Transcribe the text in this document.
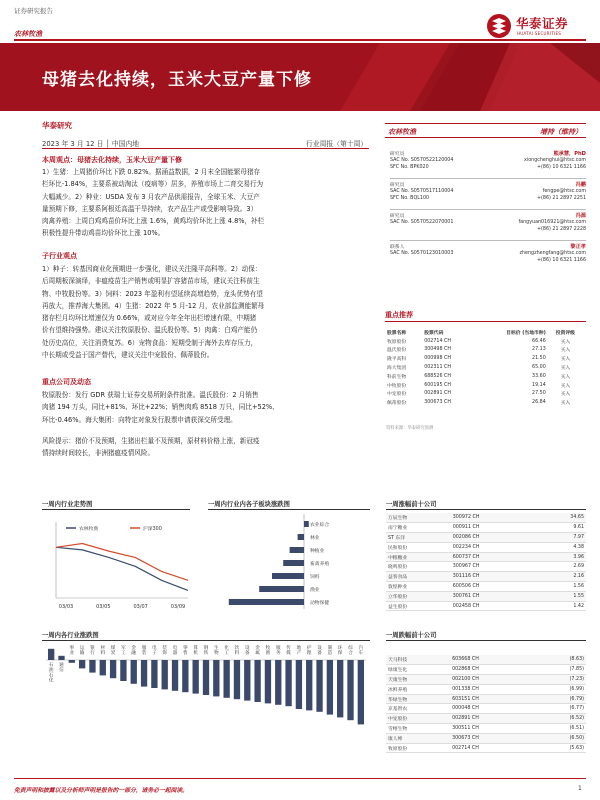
证券研究报告
华泰证券
HUATAI SECURITIES
农林牧渔
母猪去化持续，玉米大豆产量下修
华泰研究
2023 年 3 月 12 日 │ 中国内地	行业周报（第十周）
本周观点：母猪去化持续，玉米大豆产量下修
1）生猪：上周猪价环比下跌 0.82%。据涌益数据，2 月末全国能繁母猪存
栏环比-1.84%，主要系被动淘汰（疫病等）居多，养殖市场上二育交易行为
大幅减少。2）种业：USDA 发布 3 月农产品供需报告，全球玉米、大豆产
量预期下修，主要系阿根廷高温干旱持续，农产品生产或受影响导致。3）
肉禽养殖：上周白鸡鸡苗价环比上涨 1.6%，黄鸡均价环比上涨 4.8%，补栏
积极性提升带动鸡苗均价环比上涨 10%。
子行业观点
1）种子：转基因商业化预期进一步强化，建议关注隆平高科等。2）动保：
后周期板深演绎，非瘟疫苗生产销售或明显扩容猪苗市场，建议关注科前生
物、中牧股份等。3）饲料：2023 年盈利有望延续高增趋势，龙头优势有望
再放大，推荐海大集团。4）生猪：2022 年 5 月-12 月，农业部监测能繁母
猪存栏月均环比增速仅为 0.66%，或对应今年全年出栏增速有限，中期猪
价有望维持强势。建议关注牧原股份、温氏股份等。5）肉禽：白鸡产能仍
处历史高位，关注消费复苏。6）宠物食品：短期受制于海外去库存压力，
中长期或受益于国产替代，建议关注中宠股份、佩蒂股份。
重点公司及动态
牧原股份：发行 GDR 获瑞士证券交易所附条件批准。温氏股份：2 月销售
肉猪 194 万头，同比+81%、环比+22%；销售肉鸡 8518 万只，同比+52%、
环比-0.46%。海大集团：向特定对象发行股票申请获深交所受理。
风险提示：猪价不及预期，生猪出栏量不及预期，原材料价格上涨，新冠疫
情持续时间较长，非洲猪瘟疫情风险。
农林牧渔	增持（维持）
研究员	熊承慧，PhD
SAC No. S0570522120004	xiongchenghui@htsc.com
SFC No. BPK020	+(86) 10 6321 1166
研究员	冯鹏
SAC No. S0570517110004	fengpe@htsc.com
SFC No. BQL100	+(86) 21 2897 2251
研究员	冯源
SAC No. S0570522070001	fangyuan016921@htsc.com
+(86) 21 2897 2228
联系人	黎正孝
SAC No. S0570123010003	zhengzhengfang@htsc.com
+(86) 10 6321 1166
重点推荐
股票名称	股票代码	目标价 (当地币种)	投资评级
牧原股份	002714 CH	66.46	买入
温氏股份	300498 CH	27.13	买入
隆平高科	000998 CH	21.50	买入
海大集团	002311 CH	65.00	买入
科前生物	688526 CH	33.60	买入
中牧股份	600195 CH	19.14	买入
中宠股份	002891 CH	27.50	买入
佩蒂股份	300673 CH	26.84	买入
资料来源：华泰研究预测
一周内行业走势图
农林牧渔	沪深300
03/03	03/05	03/07	03/09
一周内行业内各子板块涨跌图
农业综合
林业
种植业
畜禽养殖
饲料
渔业
动物保健
一周内各行业涨跌图
石油石化
通信
事业
运输
银行
材料
煤炭
军工
金融
服装
电子
装饰
电器
零售
算机
钢铁
生物
化工
饮料
设备
金属
牧渔
服务
传媒
地产
护理
设备
制造
环保
综合
汽车
一周涨幅前十公司
万辰生物	300972 CH	34.65
南宁糖业	000911 CH	9.61
ST 东洋	002086 CH	7.97
民和股份	002234 CH	4.38
中粮糖业	600737 CH	3.96
晓鸣股份	300967 CH	2.69
益客食品	301116 CH	2.16
敦煌种业	600506 CH	1.56
立华股份	300761 CH	1.55
益生股份	002458 CH	1.42
一周跌幅前十公司
天马科技	603668 CH	(8.63)
绿康生化	002868 CH	(7.85)
天康生物	002100 CH	(7.23)
冰鲜养殖	001338 CH	(6.99)
华绿生物	603151 CH	(6.79)
京基智农	000048 CH	(6.77)
中宠股份	002891 CH	(6.52)
雪榕生物	300511 CH	(6.51)
康人绅	300673 CH	(6.50)
牧原股份	002714 CH	(5.63)
免责声明和披露以及分析师声明是报告的一部分，请务必一起阅读。	1
